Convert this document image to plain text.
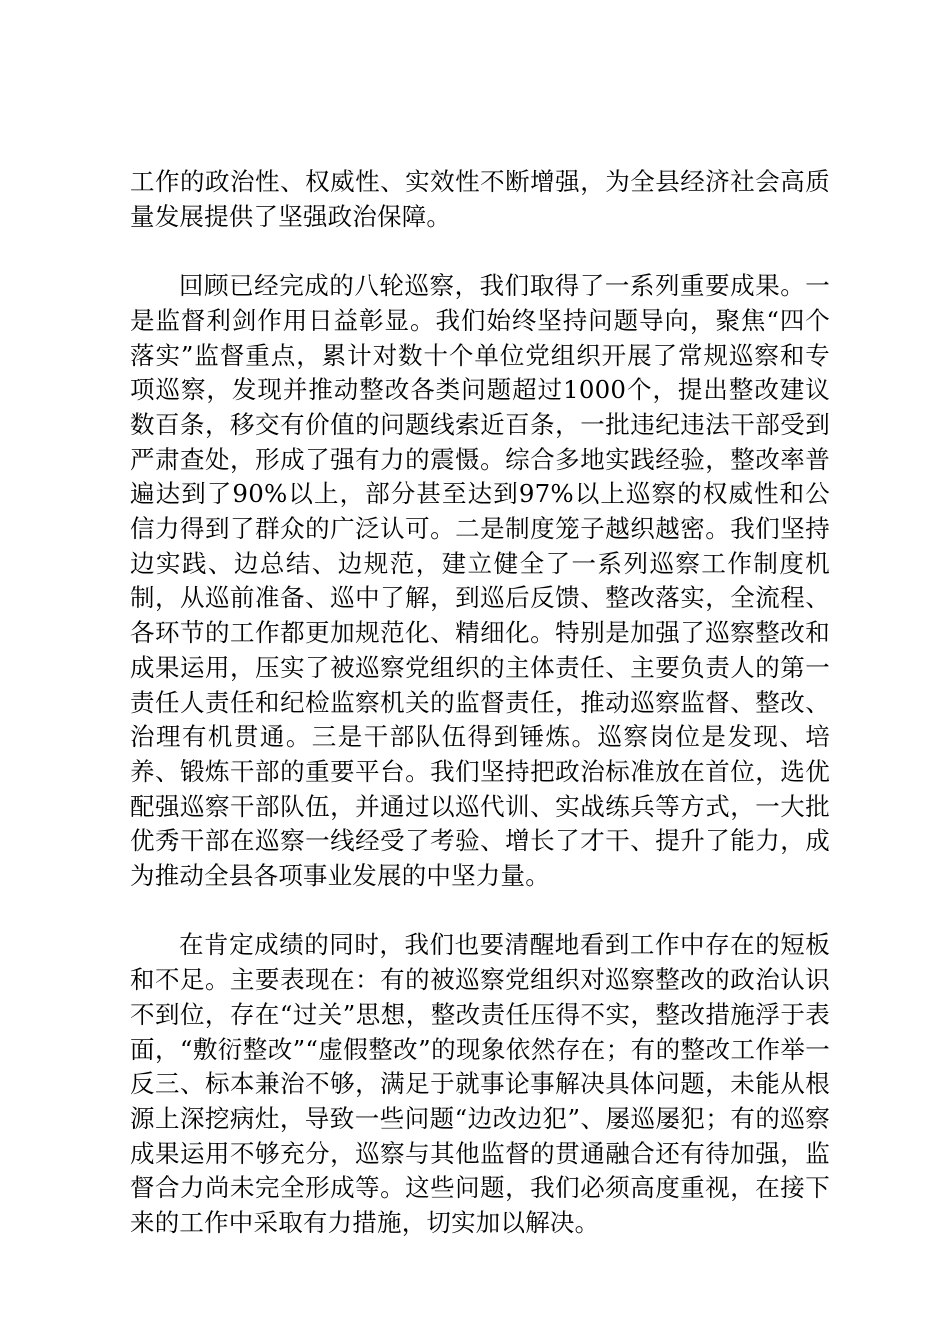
工作的政治性、权威性、实效性不断增强，为全县经济社会高质量发展提供了坚强政治保障。

回顾已经完成的八轮巡察，我们取得了一系列重要成果。一是监督利剑作用日益彰显。我们始终坚持问题导向，聚焦“四个落实”监督重点，累计对数十个单位党组织开展了常规巡察和专项巡察，发现并推动整改各类问题超过1000个，提出整改建议数百条，移交有价值的问题线索近百条，一批违纪违法干部受到严肃查处，形成了强有力的震慑。综合多地实践经验，整改率普遍达到了90%以上，部分甚至达到97%以上巡察的权威性和公信力得到了群众的广泛认可。二是制度笼子越织越密。我们坚持边实践、边总结、边规范，建立健全了一系列巡察工作制度机制，从巡前准备、巡中了解，到巡后反馈、整改落实，全流程、各环节的工作都更加规范化、精细化。特别是加强了巡察整改和成果运用，压实了被巡察党组织的主体责任、主要负责人的第一责任人责任和纪检监察机关的监督责任，推动巡察监督、整改、治理有机贯通。三是干部队伍得到锤炼。巡察岗位是发现、培养、锻炼干部的重要平台。我们坚持把政治标准放在首位，选优配强巡察干部队伍，并通过以巡代训、实战练兵等方式，一大批优秀干部在巡察一线经受了考验、增长了才干、提升了能力，成为推动全县各项事业发展的中坚力量。

在肯定成绩的同时，我们也要清醒地看到工作中存在的短板和不足。主要表现在：有的被巡察党组织对巡察整改的政治认识不到位，存在“过关”思想，整改责任压得不实，整改措施浮于表面，“敷衍整改”“虚假整改”的现象依然存在；有的整改工作举一反三、标本兼治不够，满足于就事论事解决具体问题，未能从根源上深挖病灶，导致一些问题“边改边犯”、屡巡屡犯；有的巡察成果运用不够充分，巡察与其他监督的贯通融合还有待加强，监督合力尚未完全形成等。这些问题，我们必须高度重视，在接下来的工作中采取有力措施，切实加以解决。
